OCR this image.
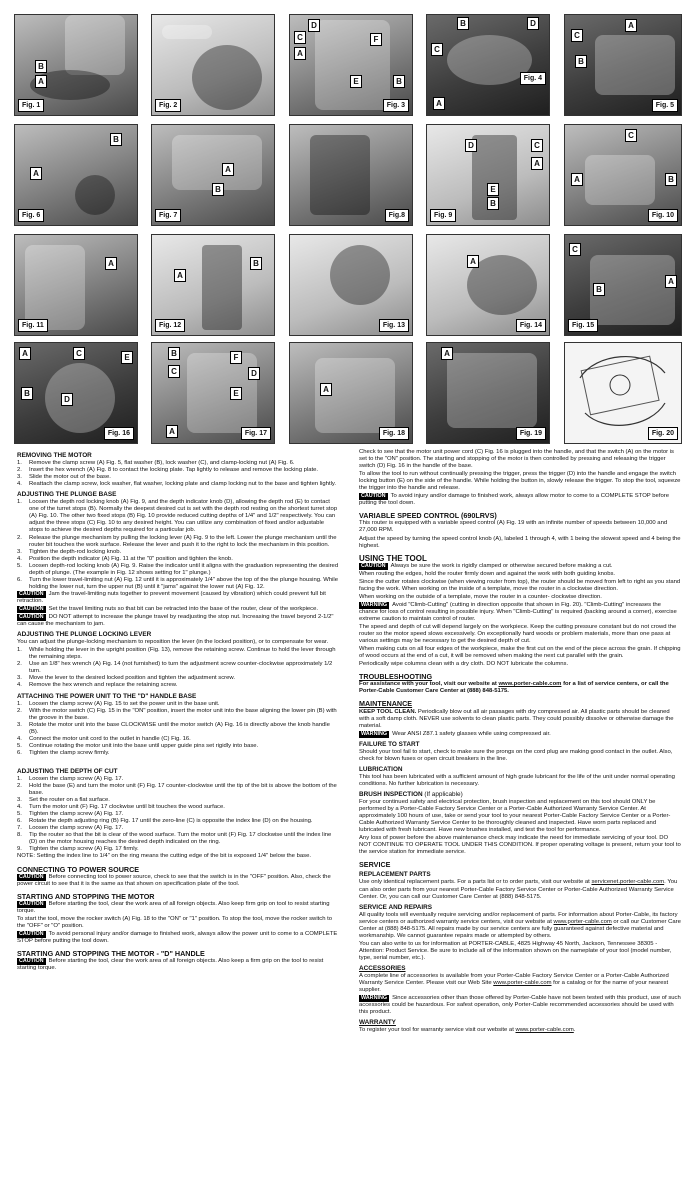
B
A
Fig. 1	Fig. 2
D
C
A
F
E	B
Fig. 3
B	D
C
A
Fig. 4
C
A
B
Fig. 5
B
A
Fig. 6
A
B
Fig. 7	Fig.8
D	C
A
E
B
Fig. 9
C
A	B
Fig. 10
A
Fig. 11
A
B
Fig. 12	Fig. 13
A
Fig. 14
C
A
B
Fig. 15
A	C	E
B
D
Fig. 16
B	F
C	D
E
A	Fig. 17
A
Fig. 18
A
Fig. 19	Fig. 20
REMOVING THE MOTOR
1. Remove the clamp screw (A) Fig. 5, flat washer (B), lock washer (C), and clamp-locking nut (A) Fig. 6.
2. Insert the hex wrench (A) Fig. 8 to contact the locking plate. Tap lightly to release and remove the locking plate.
3. Slide the motor out of the base.
4. Reattach the clamp screw, lock washer, flat washer, locking plate and clamp locking nut to the base and tighten lightly.
ADJUSTING THE PLUNGE BASE
1. Loosen the depth rod locking knob (A) Fig. 9, and the depth indicator knob (D), allowing the depth rod (E) to contact one of the turret stops (B). Normally the deepest desired cut is set with the depth rod resting on the shortest turret stop (A) Fig. 10. The other two fixed stops (B) Fig. 10 provide reduced cutting depths of 1/4" and 1/2" respectively. You can adjust the three stops (C) Fig. 10 to any desired height. You can utilize any combination of fixed and/or adjustable stops to achieve the desired depths required for a particular job.
2. Release the plunge mechanism by pulling the locking lever (A) Fig. 9 to the left. Lower the plunge mechanism until the router bit touches the work surface. Release the lever and push it to the right to lock the mechanism in this position.
3. Tighten the depth-rod locking knob.
4. Position the depth indicator (A) Fig. 11 at the "0" position and tighten the knob.
5. Loosen depth-rod locking knob (A) Fig. 9. Raise the indicator until it aligns with the graduation representing the desired depth of plunge. (The example in Fig. 12 shows setting for 1" plunge.)
6. Turn the lower travel-limiting nut (A) Fig. 12 until it is approximately 1/4" above the top of the the plunge housing. While holding the lower nut, turn the upper nut (B) until it "jams" against the lower nut (A) Fig. 12.
CAUTION Jam the travel-limiting nuts together to prevent movement (caused by vibration) which could prevent full bit retraction.
CAUTION Set the travel limiting nuts so that bit can be retracted into the base of the router, clear of the workpiece.
CAUTION DO NOT attempt to increase the plunge travel by readjusting the stop nut. Increasing the travel beyond 2-1/2" can cause the mechanism to jam.
ADJUSTING THE PLUNGE LOCKING LEVER
You can adjust the plunge-locking mechanism to reposition the lever (in the locked position), or to compensate for wear.
1. While holding the lever in the upright position (Fig. 13), remove the retaining screw. Continue to hold the lever through the remaining steps.
2. Use an 1/8" hex wrench (A) Fig. 14 (not furnished) to turn the adjustment screw counter-clockwise approximately 1/2 turn.
3. Move the lever to the desired locked position and tighten the adjustment screw.
4. Remove the hex wrench and replace the retaining screw.
ATTACHING THE POWER UNIT TO THE "D" HANDLE BASE
1. Loosen the clamp screw (A) Fig. 15 to set the power unit in the base unit.
2. With the motor switch (C) Fig. 15 in the "ON" position, insert the motor unit into the base aligning the lower pin (B) with the groove in the base.
3. Rotate the motor unit into the base CLOCKWISE until the motor switch (A) Fig. 16 is directly above the knob handle (B).
4. Connect the motor unit cord to the outlet in handle (C) Fig. 16.
5. Continue rotating the motor unit into the base until upper guide pins set rigidly into base.
6. Tighten the clamp screw firmly.
ADJUSTING THE DEPTH OF CUT
1. Loosen the clamp screw (A) Fig. 17.
2. Hold the base (E) and turn the motor unit (F) Fig. 17 counter-clockwise until the tip of the bit is above the bottom of the base.
3. Set the router on a flat surface.
4. Turn the motor unit (F) Fig. 17 clockwise until bit touches the wood surface.
5. Tighten the clamp screw (A) Fig. 17.
6. Rotate the depth adjusting ring (B) Fig. 17 until the zero-line (C) is opposite the index line (D) on the housing.
7. Loosen the clamp screw (A) Fig. 17.
8. Tip the router so that the bit is clear of the wood surface. Turn the motor unit (F) Fig. 17 clockwise until the index line (D) on the motor housing reaches the desired depth indicated on the ring.
9. Tighten the clamp screw (A) Fig. 17 firmly.
NOTE: Setting the index line to 1/4" on the ring means the cutting edge of the bit is exposed 1/4" below the base.
CONNECTING TO POWER SOURCE
CAUTION Before connecting tool to power source, check to see that the switch is in the "OFF" position. Also, check the power circuit to see that it is the same as that shown on specification plate of the tool.
STARTING AND STOPPING THE MOTOR
CAUTION Before starting the tool, clear the work area of all foreign objects. Also keep firm grip on tool to resist starting torque.
To start the tool, move the rocker switch (A) Fig. 18 to the "ON" or "1" position. To stop the tool, move the rocker switch to the "OFF" or "O" position.
CAUTION To avoid personal injury and/or damage to finished work, always allow the power unit to come to a COMPLETE STOP before putting the tool down.
STARTING AND STOPPING THE MOTOR - "D" HANDLE
CAUTION Before starting the tool, clear the work area of all foreign objects. Also keep a firm grip on the tool to resist starting torque.
Check to see that the motor unit power cord (C) Fig. 16 is plugged into the handle, and that the switch (A) on the motor is set to the "ON" position. The starting and stopping of the motor is then controlled by pressing and releasing the trigger switch (D) Fig. 16 in the handle of the base.
To allow the tool to run without continually pressing the trigger, press the trigger (D) into the handle and engage the switch locking button (E) on the side of the handle. While holding the button in, slowly release the trigger. To stop the tool, squeeze the trigger into the handle and release.
CAUTION To avoid injury and/or damage to finished work, always allow motor to come to a COMPLETE STOP before putting the tool down.
VARIABLE SPEED CONTROL (690LRVS)
This router is equipped with a variable speed control (A) Fig. 19 with an infinite number of speeds between 10,000 and 27,000 RPM.
Adjust the speed by turning the speed control knob (A), labeled 1 through 4, with 1 being the slowest speed and 4 being the highest.
USING THE TOOL
CAUTION Always be sure the work is rigidly clamped or otherwise secured before making a cut.
When routing the edges, hold the router firmly down and against the work with both guiding knobs.
Since the cutter rotates clockwise (when viewing router from top), the router should be moved from left to right as you stand facing the work. When working on the inside of a template, move the router in a clockwise direction.
When working on the outside of a template, move the router in a counter- clockwise direction.
WARNING Avoid "Climb-Cutting" (cutting in direction opposite that shown in Fig. 20). "Climb-Cutting" increases the chance for loss of control resulting in possible injury. When "Climb-Cutting" is required (backing around a corner), exercise extreme caution to maintain control of router.
The speed and depth of cut will depend largely on the workpiece. Keep the cutting pressure constant but do not crowd the router so the motor speed slows excessively. On exceptionally hard woods or problem materials, more than one pass at various settings may be necessary to get the desired depth of cut.
When making cuts on all four edges of the workpiece, make the first cut on the end of the piece across the grain. If chipping of wood occurs at the end of a cut, it will be removed when making the next cut parallel with the grain.
Periodically wipe columns clean with a dry cloth. DO NOT lubricate the columns.
TROUBLESHOOTING
For assistance with your tool, visit our website at www.porter-cable.com for a list of service centers, or call the Porter-Cable Customer Care Center at (888) 848-5175.
MAINTENANCE
KEEP TOOL CLEAN. Periodically blow out all air passages with dry compressed air. All plastic parts should be cleaned with a soft damp cloth. NEVER use solvents to clean plastic parts. They could possibly dissolve or otherwise damage the material.
WARNING Wear ANSI Z87.1 safety glasses while using compressed air.
FAILURE TO START
Should your tool fail to start, check to make sure the prongs on the cord plug are making good contact in the outlet. Also, check for blown fuses or open circuit breakers in the line.
LUBRICATION
This tool has been lubricated with a sufficient amount of high grade lubricant for the life of the unit under normal operating conditions. No further lubrication is necessary.
BRUSH INSPECTION (If applicable)
For your continued safety and electrical protection, brush inspection and replacement on this tool should ONLY be performed by a Porter-Cable Factory Service Center or a Porter-Cable Authorized Warranty Service Center. At approximately 100 hours of use, take or send your tool to your nearest Porter-Cable Factory Service Center or a Porter-Cable Authorized Warranty Service Center to be thoroughly cleaned and inspected. Have worn parts replaced and lubricated with fresh lubricant. Have new brushes installed, and test the tool for performance.
Any loss of power before the above maintenance check may indicate the need for immediate servicing of your tool. DO NOT CONTINUE TO OPERATE TOOL UNDER THIS CONDITION. If proper operating voltage is present, return your tool to the service station for immediate service.
SERVICE
REPLACEMENT PARTS
Use only identical replacement parts. For a parts list or to order parts, visit our website at servicenet.porter-cable.com. You can also order parts from your nearest Porter-Cable Factory Service Center or Porter-Cable Authorized Warranty Service Center. Or, you can call our Customer Care Center at (888) 848-5175.
SERVICE AND REPAIRS
All quality tools will eventually require servicing and/or replacement of parts. For information about Porter-Cable, its factory service centers or authorized warranty service centers, visit our website at www.porter-cable.com or call our Customer Care Center at (888) 848-5175. All repairs made by our service centers are fully guaranteed against defective material and workmanship. We cannot guarantee repairs made or attempted by others.
You can also write to us for information at PORTER-CABLE, 4825 Highway 45 North, Jackson, Tennessee 38305 - Attention: Product Service. Be sure to include all of the information shown on the nameplate of your tool (model number, type, serial number, etc.).
ACCESSORIES
A complete line of accessories is available from your Porter-Cable Factory Service Center or a Porter-Cable Authorized Warranty Service Center. Please visit our Web Site www.porter-cable.com for a catalog or for the name of your nearest supplier.
WARNING Since accessories other than those offered by Porter-Cable have not been tested with this product, use of such accessories could be hazardous. For safest operation, only Porter-Cable recommended accessories should be used with this product.
WARRANTY
To register your tool for warranty service visit our website at www.porter-cable.com.
